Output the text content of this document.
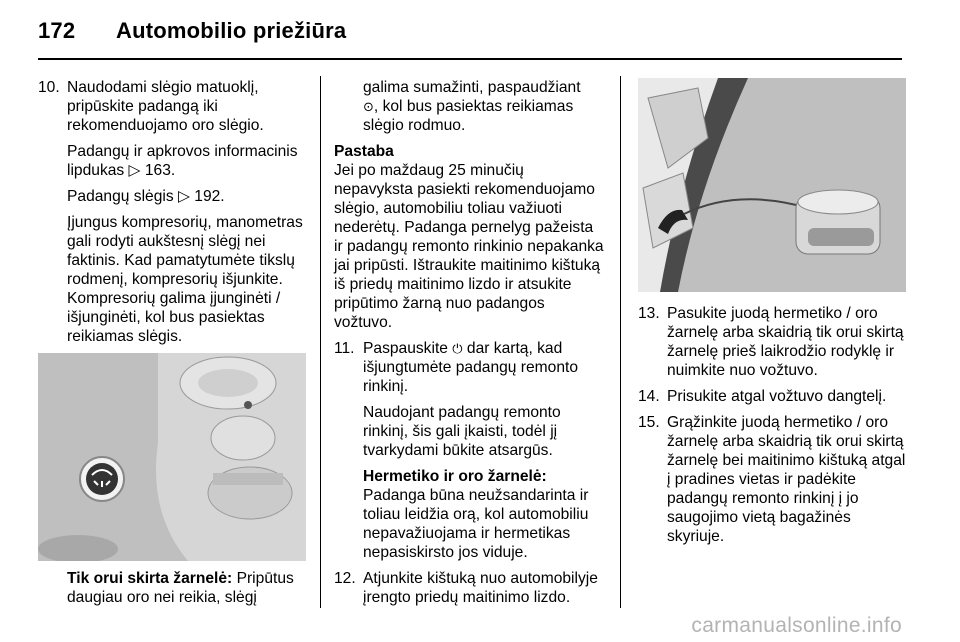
172 Automobilio priežiūra
10. Naudodami slėgio matuoklį, pripūskite padangą iki rekomenduojamo oro slėgio.
Padangų ir apkrovos informacinis lipdukas ▷ 163.
Padangų slėgis ▷ 192.
Įjungus kompresorių, manometras gali rodyti aukštesnį slėgį nei faktinis. Kad pamatytumėte tikslų rodmenį, kompresorių išjunkite. Kompresorių galima įjunginėti / išjunginėti, kol bus pasiektas reikiamas slėgis.
Tik orui skirta žarnelė: Pripūtus daugiau oro nei reikia, slėgį
galima sumažinti, paspaudžiant
⊙, kol bus pasiektas reikiamas slėgio rodmuo.
Pastaba
Jei po maždaug 25 minučių nepavyksta pasiekti rekomenduojamo slėgio, automobiliu toliau važiuoti nederėtų. Padanga pernelyg pažeista ir padangų remonto rinkinio nepakanka jai pripūsti. Ištraukite maitinimo kištuką iš priedų maitinimo lizdo ir atsukite pripūtimo žarną nuo padangos vožtuvo.
11. Paspauskite ⏻ dar kartą, kad išjungtumėte padangų remonto rinkinį.
Naudojant padangų remonto rinkinį, šis gali įkaisti, todėl jį tvarkydami būkite atsargūs.
Hermetiko ir oro žarnelė:
Padanga būna neužsandarinta ir toliau leidžia orą, kol automobiliu nepavažiuojama ir hermetikas nepasiskirsto jos viduje.
12. Atjunkite kištuką nuo automobilyje įrengto priedų maitinimo lizdo.
13. Pasukite juodą hermetiko / oro žarnelę arba skaidrią tik orui skirtą žarnelę prieš laikrodžio rodyklę ir nuimkite nuo vožtuvo.
14. Prisukite atgal vožtuvo dangtelį.
15. Grąžinkite juodą hermetiko / oro žarnelę arba skaidrią tik orui skirtą žarnelę bei maitinimo kištuką atgal į pradines vietas ir padėkite padangų remonto rinkinį į jo saugojimo vietą bagažinės skyriuje.
carmanualsonline.info
